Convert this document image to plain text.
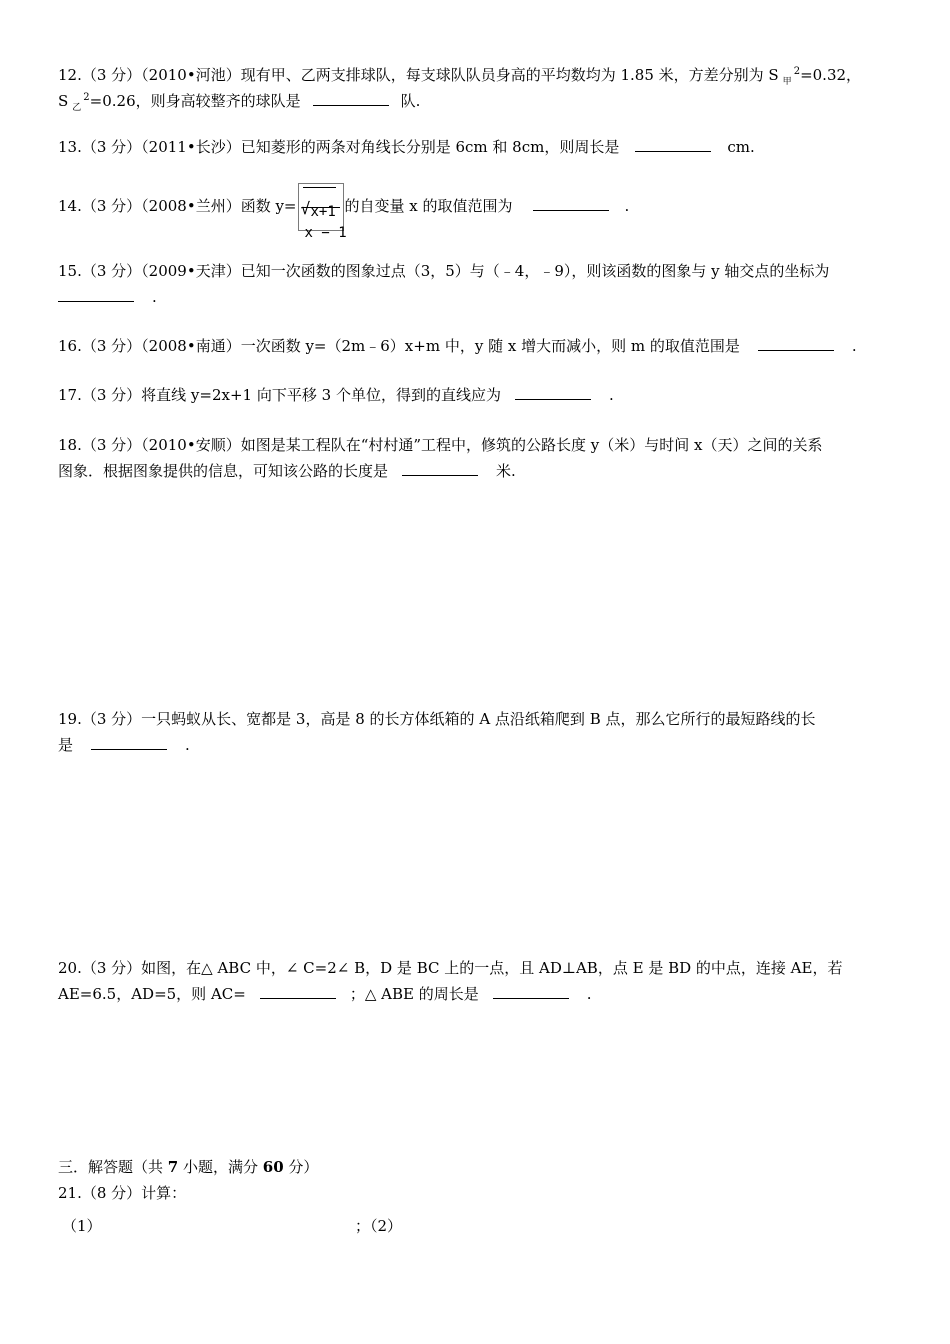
12.（3 分）（2010•河池）现有甲、乙两支排球队，每支球队队员身高的平均数均为 1.85 米，方差分别为 S $_甲^2$=0.32，
S $_乙^2$=0.26，则身高较整齐的球队是	队.
13.（3 分）（2011•长沙）已知菱形的两条对角线长分别是 6cm 和 8cm，则周长是	cm.
14.（3 分）（2008•兰州）函数 y= √ x+1
x − 1
的自变量 x 的取值范围为	.
15.（3 分）（2009•天津）已知一次函数的图象过点（3，5）与（﹣4，﹣9），则该函数的图象与 y 轴交点的坐标为
.
16.（3 分）（2008•南通）一次函数 y=（2m﹣6）x+m 中，y 随 x 增大而减小，则 m 的取值范围是	.
17.（3 分）将直线 y=2x+1 向下平移 3 个单位，得到的直线应为	.
18.（3 分）（2010•安顺）如图是某工程队在“村村通”工程中，修筑的公路长度 y（米）与时间 x（天）之间的关系
图象．根据图象提供的信息，可知该公路的长度是	米.
19.（3 分）一只蚂蚁从长、宽都是 3，高是 8 的长方体纸箱的 A 点沿纸箱爬到 B 点，那么它所行的最短路线的长
是	.
20.（3 分）如图，在△ ABC 中，∠ C=2∠ B，D 是 BC 上的一点，且 AD⊥AB，点 E 是 BD 的中点，连接 AE，若
AE=6.5，AD=5，则 AC=	；△ ABE 的周长是	.
三．解答题（共 7 小题，满分 60 分）
21.（8 分）计算：
（1）	；（2）
